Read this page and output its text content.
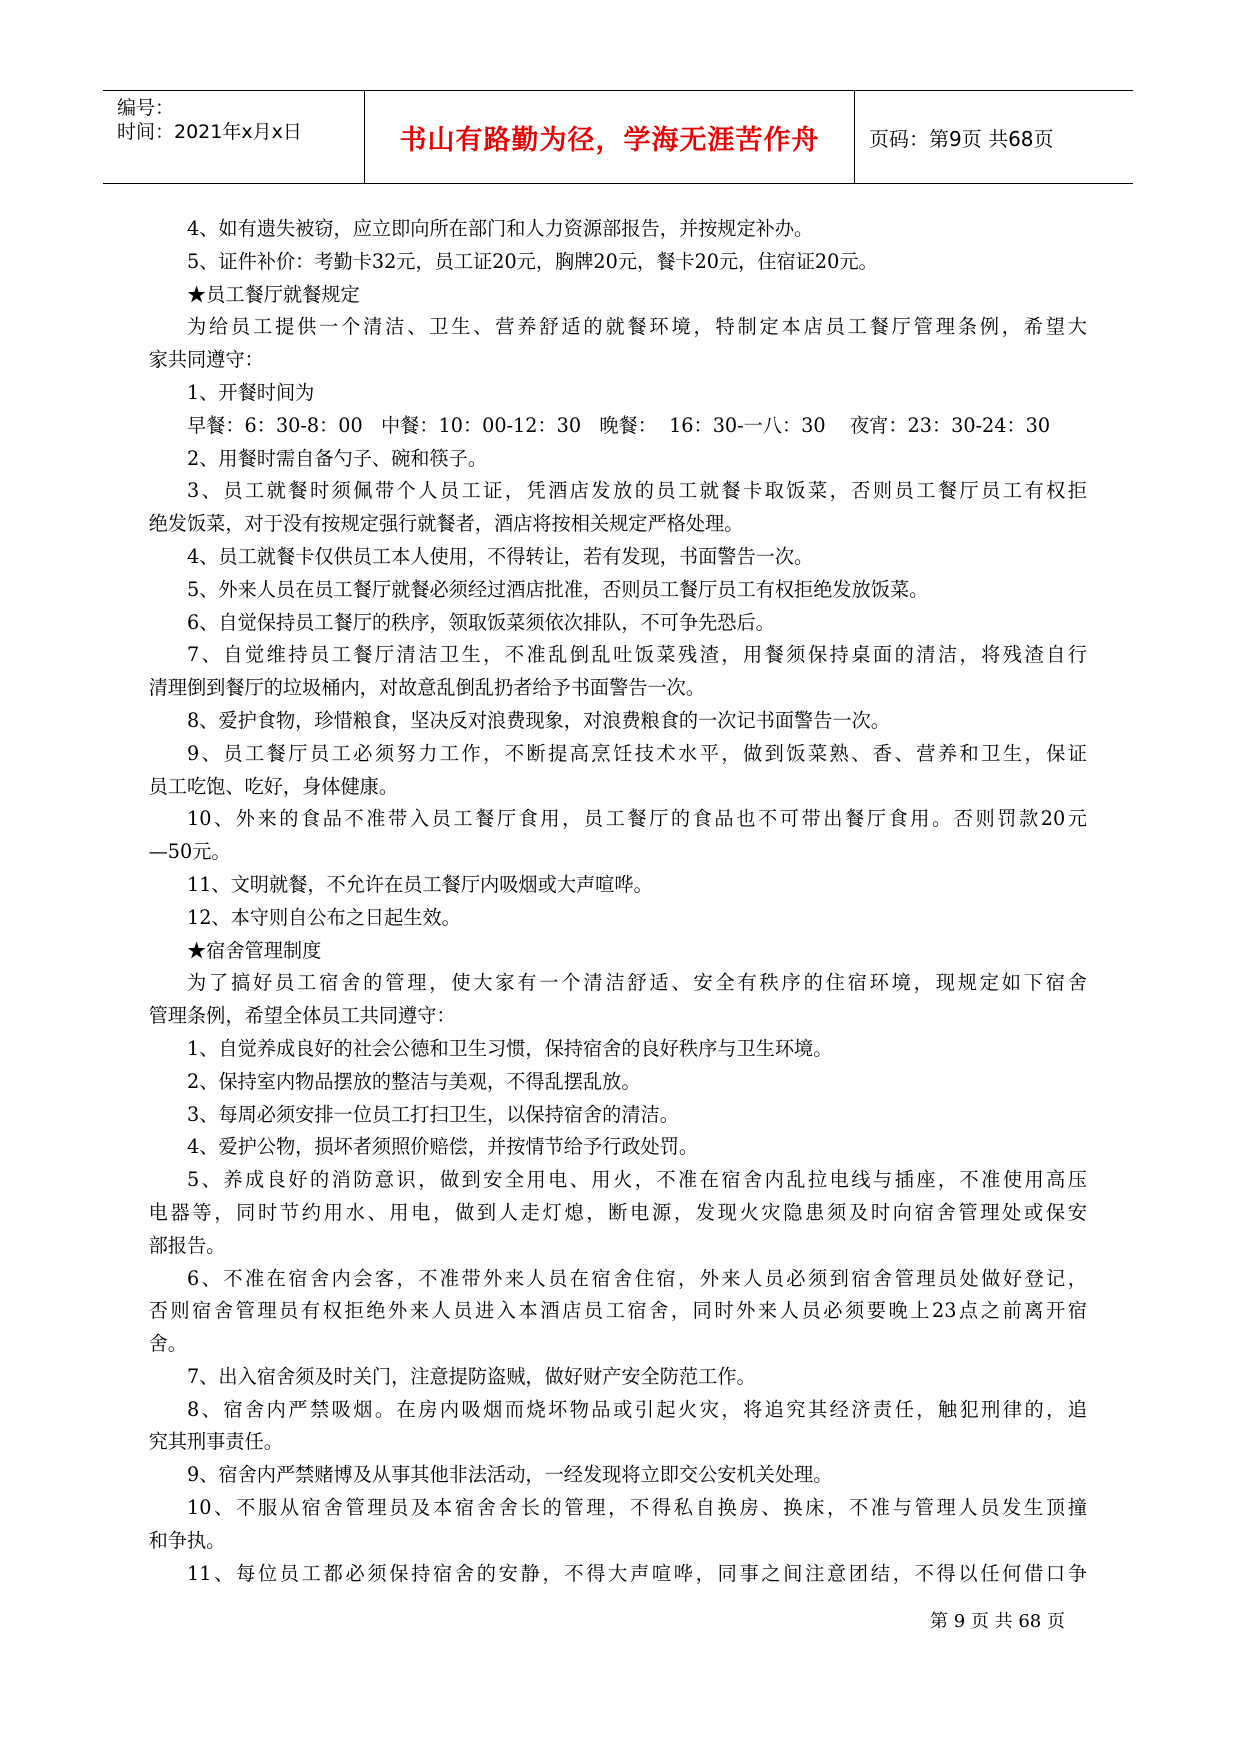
编号：
时间：2021年x月x日	书山有路勤为径，学海无涯苦作舟 页码：第9页 共68页

4、如有遗失被窃，应立即向所在部门和人力资源部报告，并按规定补办。

5、证件补价：考勤卡32元，员工证20元，胸牌20元，餐卡20元，住宿证20元。

★员工餐厅就餐规定

为给员工提供一个清洁、卫生、营养舒适的就餐环境，特制定本店员工餐厅管理条例，希望大

家共同遵守：

1、开餐时间为

早餐：6：30-8：00   中餐：10：00-12：30   晚餐：  16：30-一八：30    夜宵：23：30-24：30

2、用餐时需自备勺子、碗和筷子。

3、员工就餐时须佩带个人员工证，凭酒店发放的员工就餐卡取饭菜，否则员工餐厅员工有权拒

绝发饭菜，对于没有按规定强行就餐者，酒店将按相关规定严格处理。

4、员工就餐卡仅供员工本人使用，不得转让，若有发现，书面警告一次。

5、外来人员在员工餐厅就餐必须经过酒店批准，否则员工餐厅员工有权拒绝发放饭菜。

6、自觉保持员工餐厅的秩序，领取饭菜须依次排队，不可争先恐后。

7、自觉维持员工餐厅清洁卫生，不准乱倒乱吐饭菜残渣，用餐须保持桌面的清洁，将残渣自行

清理倒到餐厅的垃圾桶内，对故意乱倒乱扔者给予书面警告一次。

8、爱护食物，珍惜粮食，坚决反对浪费现象，对浪费粮食的一次记书面警告一次。

9、员工餐厅员工必须努力工作，不断提高烹饪技术水平，做到饭菜熟、香、营养和卫生，保证

员工吃饱、吃好，身体健康。

10、外来的食品不准带入员工餐厅食用，员工餐厅的食品也不可带出餐厅食用。否则罚款20元

—50元。

11、文明就餐，不允许在员工餐厅内吸烟或大声喧哗。

12、本守则自公布之日起生效。

★宿舍管理制度

为了搞好员工宿舍的管理，使大家有一个清洁舒适、安全有秩序的住宿环境，现规定如下宿舍

管理条例，希望全体员工共同遵守：

1、自觉养成良好的社会公德和卫生习惯，保持宿舍的良好秩序与卫生环境。

2、保持室内物品摆放的整洁与美观，不得乱摆乱放。

3、每周必须安排一位员工打扫卫生，以保持宿舍的清洁。

4、爱护公物，损坏者须照价赔偿，并按情节给予行政处罚。

5、养成良好的消防意识，做到安全用电、用火，不准在宿舍内乱拉电线与插座，不准使用高压

电器等，同时节约用水、用电，做到人走灯熄，断电源，发现火灾隐患须及时向宿舍管理处或保安

部报告。

6、不准在宿舍内会客，不准带外来人员在宿舍住宿，外来人员必须到宿舍管理员处做好登记，

否则宿舍管理员有权拒绝外来人员进入本酒店员工宿舍，同时外来人员必须要晚上23点之前离开宿

舍。

7、出入宿舍须及时关门，注意提防盗贼，做好财产安全防范工作。

8、宿舍内严禁吸烟。在房内吸烟而烧坏物品或引起火灾，将追究其经济责任，触犯刑律的，追

究其刑事责任。

9、宿舍内严禁赌博及从事其他非法活动，一经发现将立即交公安机关处理。

10、不服从宿舍管理员及本宿舍舍长的管理，不得私自换房、换床，不准与管理人员发生顶撞

和争执。

11、每位员工都必须保持宿舍的安静，不得大声喧哗，同事之间注意团结，不得以任何借口争

第 9 页 共 68 页
